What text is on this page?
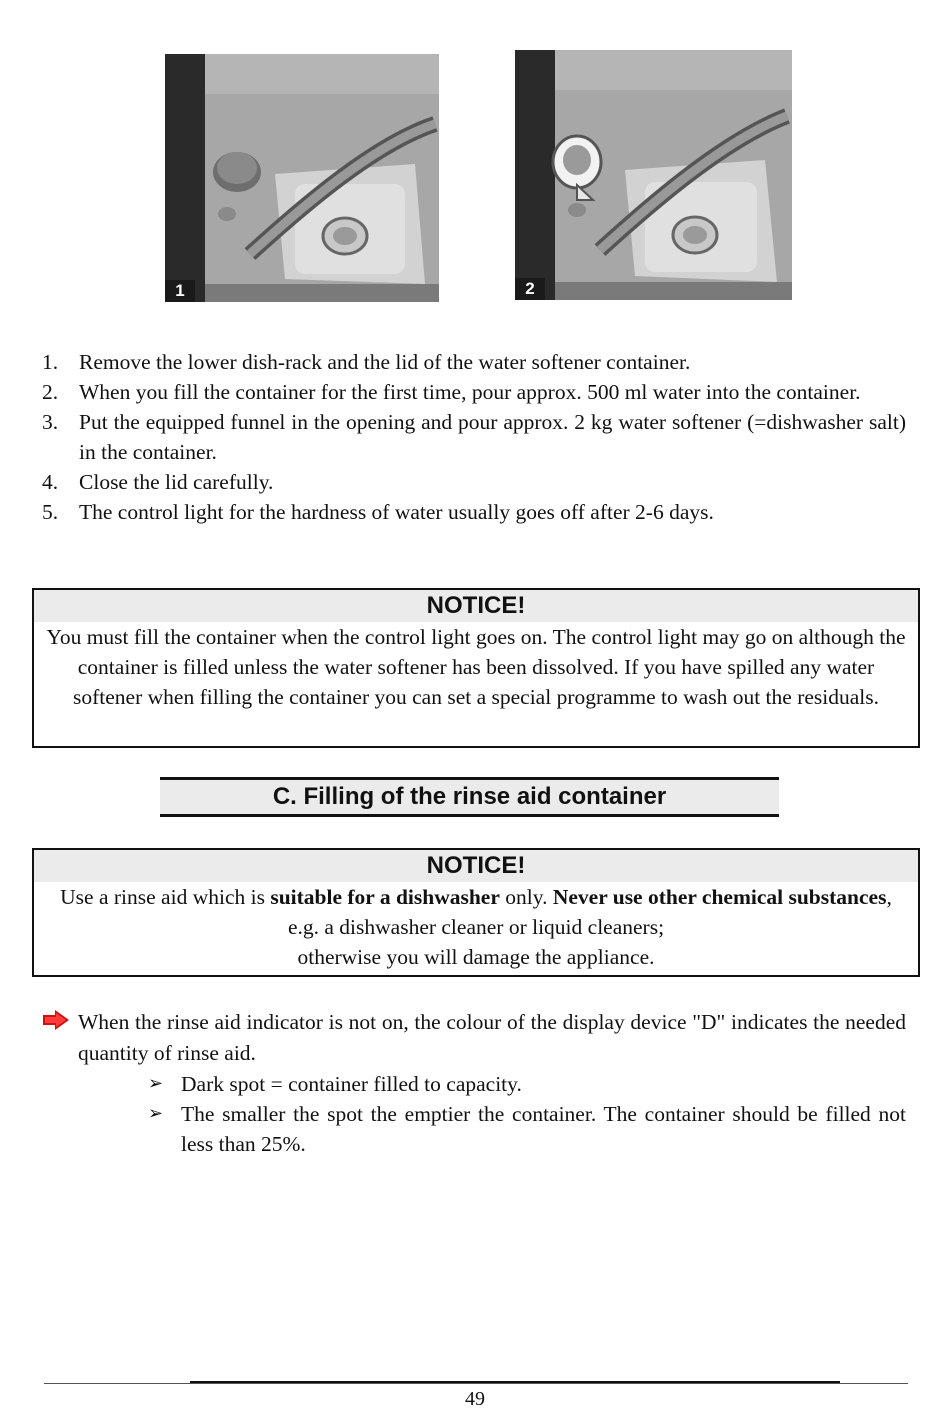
1	2
1. Remove the lower dish-rack and the lid of the water softener container.
2. When you fill the container for the first time, pour approx. 500 ml water into the container.
3. Put the equipped funnel in the opening and pour approx. 2 kg water softener (=dishwasher salt) in the container.
4. Close the lid carefully.
5. The control light for the hardness of water usually goes off after 2-6 days.
NOTICE!
You must fill the container when the control light goes on. The control light may go on although the container is filled unless the water softener has been dissolved. If you have spilled any water softener when filling the container you can set a special programme to wash out the residuals.
C. Filling of the rinse aid container
NOTICE!
Use a rinse aid which is suitable for a dishwasher only. Never use other chemical substances, e.g. a dishwasher cleaner or liquid cleaners;
otherwise you will damage the appliance.
When the rinse aid indicator is not on, the colour of the display device "D" indicates the needed quantity of rinse aid.
➢ Dark spot = container filled to capacity.
➢ The smaller the spot the emptier the container. The container should be filled not less than 25%.
49
